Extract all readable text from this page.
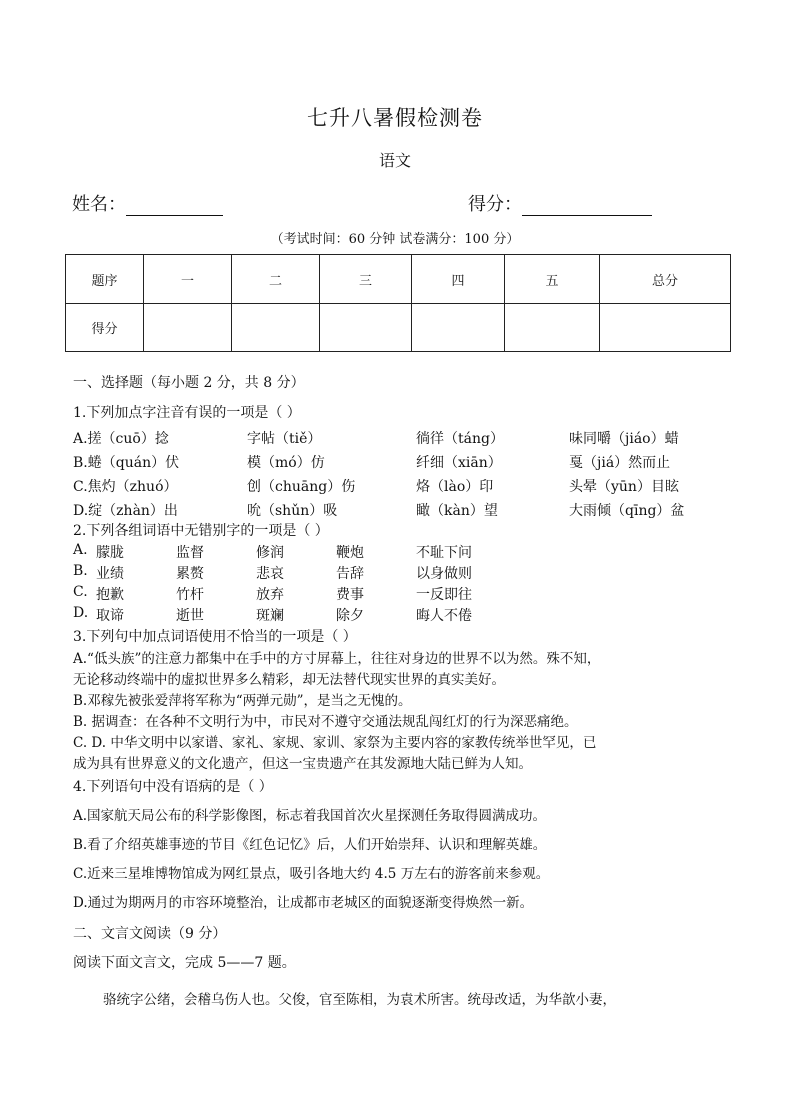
七升八暑假检测卷
语文
姓名：	得分：
（考试时间：60 分钟 试卷满分：100 分）
题序	一	二	三	四	五	总分
得分						
一、选择题（每小题 2 分，共 8 分）
1.下列加点字注音有误的一项是（ ）
A.搓（cuō）捻	字帖（tiě）	徜徉（táng）	味同嚼（jiáo）蜡
B.蜷（quán）伏	模（mó）仿	纤细（xiān）	戛（jiá）然而止
C.焦灼（zhuó）	创（chuāng）伤	烙（lào）印	头晕（yūn）目眩
D.绽（zhàn）出	吮（shǔn）吸	瞰（kàn）望	大雨倾（qīng）盆
2.下列各组词语中无错别字的一项是（ ）
A. 朦胧	监督	修润	鞭炮	不耻下问
B. 业绩	累赘	悲哀	告辞	以身做则
C. 抱歉	竹杆	放弃	费事	一反即往
D. 取谛	逝世	斑斓	除夕	晦人不倦
3.下列句中加点词语使用不恰当的一项是（ ）
A.“低头族”的注意力都集中在手中的方寸屏幕上，往往对身边的世界不以为然。殊不知，
无论移动终端中的虚拟世界多么精彩，却无法替代现实世界的真实美好。
B.邓稼先被张爱萍将军称为“两弹元勋”，是当之无愧的。
B. 据调查：在各种不文明行为中，市民对不遵守交通法规乱闯红灯的行为深恶痛绝。
C. D. 中华文明中以家谱、家礼、家规、家训、家祭为主要内容的家教传统举世罕见，已
成为具有世界意义的文化遗产，但这一宝贵遗产在其发源地大陆已鲜为人知。
4.下列语句中没有语病的是（ ）
A.国家航天局公布的科学影像图，标志着我国首次火星探测任务取得圆满成功。
B.看了介绍英雄事迹的节目《红色记忆》后，人们开始崇拜、认识和理解英雄。
C.近来三星堆博物馆成为网红景点，吸引各地大约 4.5 万左右的游客前来参观。
D.通过为期两月的市容环境整治，让成都市老城区的面貌逐渐变得焕然一新。
二、文言文阅读（9 分）
阅读下面文言文，完成 5——7 题。
骆统字公绪，会稽乌伤人也。父俊，官至陈相，为袁术所害。统母改适，为华歆小妻，
